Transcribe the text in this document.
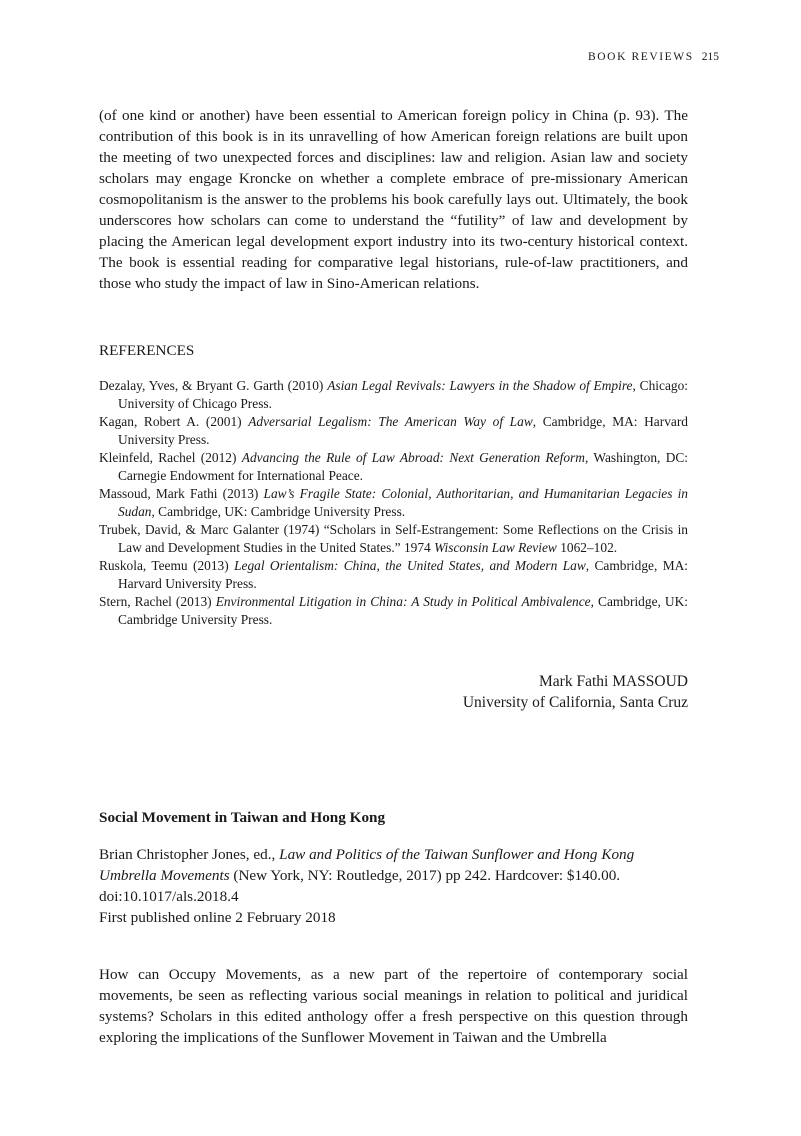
BOOK REVIEWS 215

(of one kind or another) have been essential to American foreign policy in China (p. 93). The contribution of this book is in its unravelling of how American foreign relations are built upon the meeting of two unexpected forces and disciplines: law and religion. Asian law and society scholars may engage Kroncke on whether a complete embrace of pre-missionary American cosmopolitanism is the answer to the problems his book carefully lays out. Ultimately, the book underscores how scholars can come to understand the “futility” of law and development by placing the American legal development export industry into its two-century historical context. The book is essential reading for comparative legal historians, rule-of-law practitioners, and those who study the impact of law in Sino-American relations.

REFERENCES

Dezalay, Yves, & Bryant G. Garth (2010) Asian Legal Revivals: Lawyers in the Shadow of Empire, Chicago: University of Chicago Press.

Kagan, Robert A. (2001) Adversarial Legalism: The American Way of Law, Cambridge, MA: Harvard University Press.

Kleinfeld, Rachel (2012) Advancing the Rule of Law Abroad: Next Generation Reform, Washington, DC: Carnegie Endowment for International Peace.

Massoud, Mark Fathi (2013) Law’s Fragile State: Colonial, Authoritarian, and Humanitarian Legacies in Sudan, Cambridge, UK: Cambridge University Press.

Trubek, David, & Marc Galanter (1974) “Scholars in Self-Estrangement: Some Reflections on the Crisis in Law and Development Studies in the United States.” 1974 Wisconsin Law Review 1062–102.

Ruskola, Teemu (2013) Legal Orientalism: China, the United States, and Modern Law, Cambridge, MA: Harvard University Press.

Stern, Rachel (2013) Environmental Litigation in China: A Study in Political Ambivalence, Cambridge, UK: Cambridge University Press.

Mark Fathi MASSOUD
University of California, Santa Cruz
Social Movement in Taiwan and Hong Kong
Brian Christopher Jones, ed., Law and Politics of the Taiwan Sunflower and Hong Kong
Umbrella Movements (New York, NY: Routledge, 2017) pp 242. Hardcover: $140.00.
doi:10.1017/als.2018.4
First published online 2 February 2018

How can Occupy Movements, as a new part of the repertoire of contemporary social movements, be seen as reflecting various social meanings in relation to political and juridical systems? Scholars in this edited anthology offer a fresh perspective on this question through exploring the implications of the Sunflower Movement in Taiwan and the Umbrella
